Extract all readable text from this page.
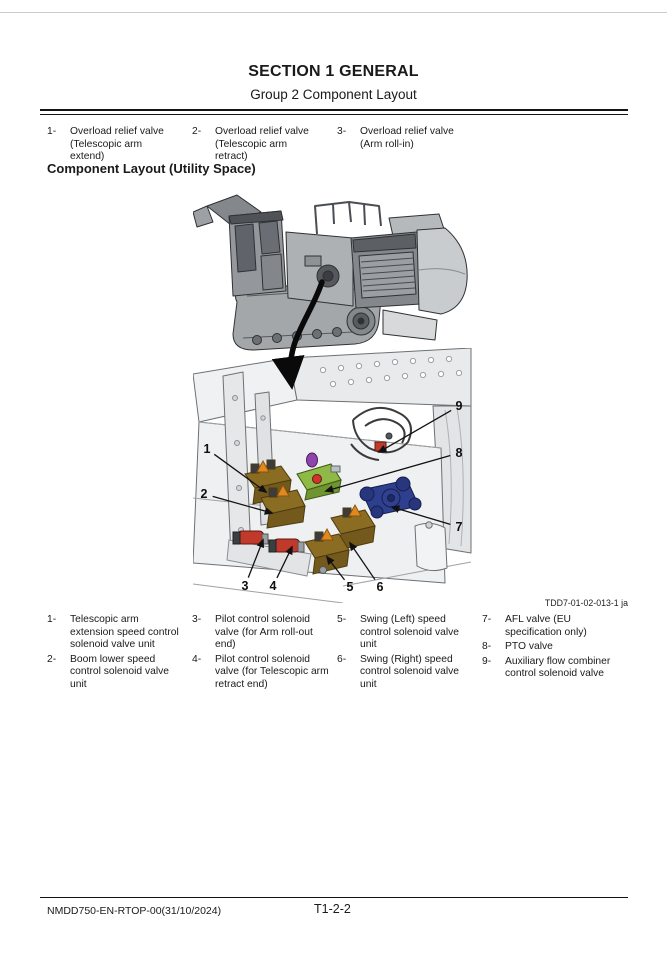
SECTION 1 GENERAL
Group 2 Component Layout
1-	Overload relief valve (Telescopic arm extend)
2-	Overload relief valve (Telescopic arm retract)
3-	Overload relief valve (Arm roll-in)
Component Layout (Utility Space)
1
2
3 4	5 6
7
8
9
TDD7-01-02-013-1 ja
1-	Telescopic arm extension speed control solenoid valve unit
2-	Boom lower speed control solenoid valve unit
3-	Pilot control solenoid valve (for Arm roll-out end)
4-	Pilot control solenoid valve (for Telescopic arm retract end)
5-	Swing (Left) speed control solenoid valve unit
6-	Swing (Right) speed control solenoid valve unit
7-	AFL valve (EU specification only)
8-	PTO valve
9-	Auxiliary flow combiner control solenoid valve
NMDD750-EN-RTOP-00(31/10/2024)	T1-2-2
